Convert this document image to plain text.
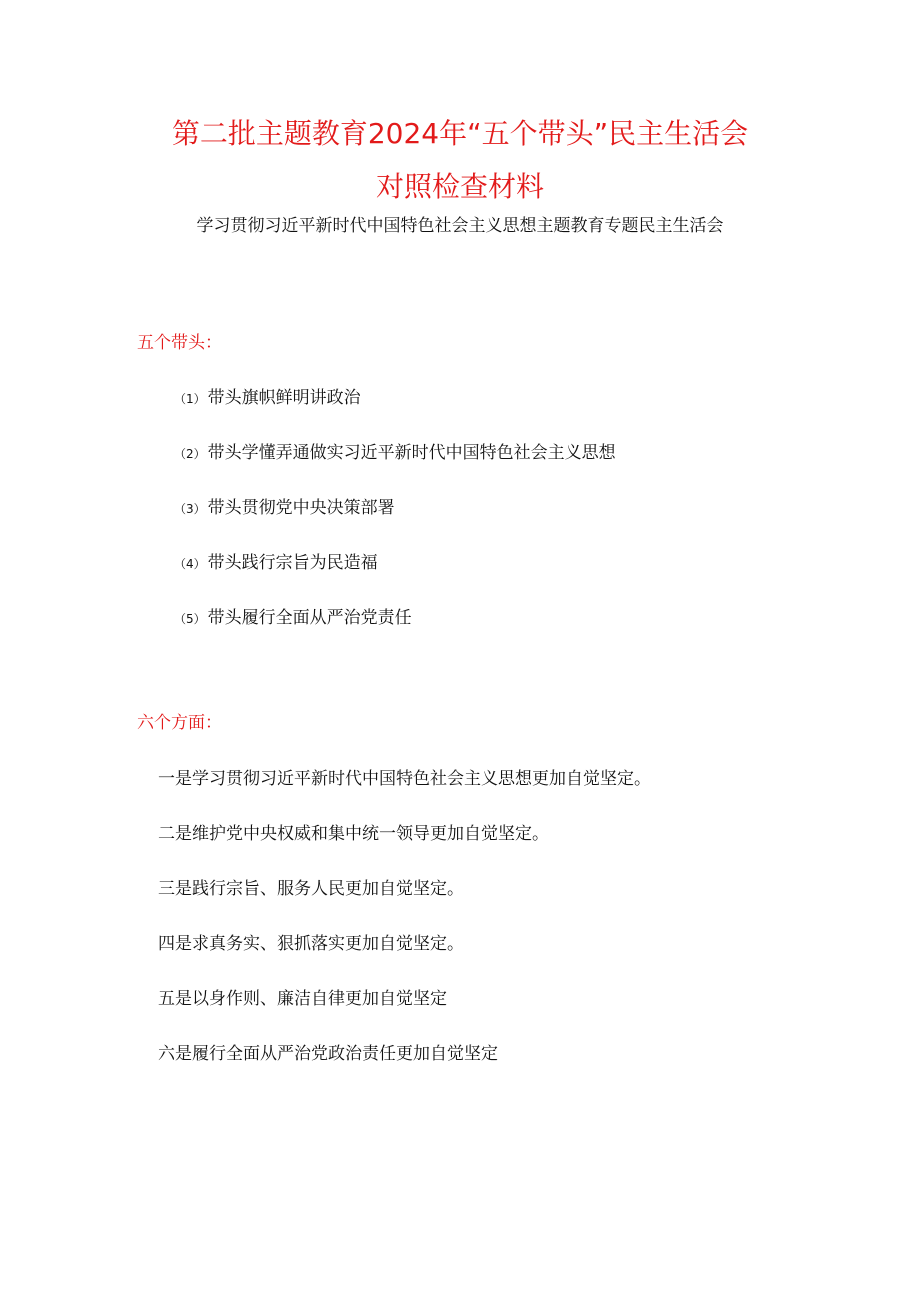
第二批主题教育2024年“五个带头”民主生活会
对照检查材料
学习贯彻习近平新时代中国特色社会主义思想主题教育专题民主生活会
五个带头：
（1） 带头旗帜鲜明讲政治
（2） 带头学懂弄通做实习近平新时代中国特色社会主义思想
（3） 带头贯彻党中央决策部署
（4） 带头践行宗旨为民造福
（5） 带头履行全面从严治党责任
六个方面：
一是学习贯彻习近平新时代中国特色社会主义思想更加自觉坚定。
二是维护党中央权威和集中统一领导更加自觉坚定。
三是践行宗旨、服务人民更加自觉坚定。
四是求真务实、狠抓落实更加自觉坚定。
五是以身作则、廉洁自律更加自觉坚定
六是履行全面从严治党政治责任更加自觉坚定
